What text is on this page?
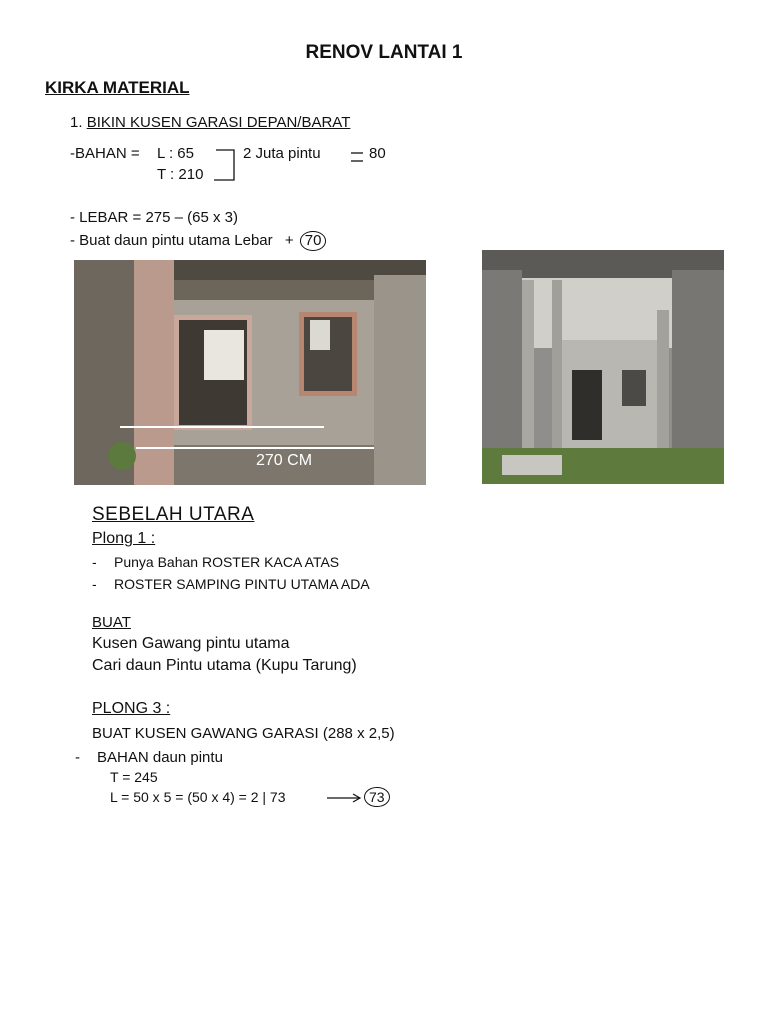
RENOV LANTAI 1
KIRKA MATERIAL
1. BIKIN KUSEN GARASI DEPAN/BARAT
-BAHAN = L : 65
T : 210
2 Juta pintu	80
- LEBAR = 275 – (65 x 3)
- Buat daun pintu utama Lebar + 70
270 CM
SEBELAH UTARA
Plong 1 :
- Punya Bahan ROSTER KACA ATAS
- ROSTER SAMPING PINTU UTAMA ADA
BUAT
Kusen Gawang pintu utama
Cari daun Pintu utama (Kupu Tarung)
PLONG 3 :
BUAT KUSEN GAWANG GARASI (288 x 2,5)
- BAHAN daun pintu
T = 245
L = 50 x 5 = (50 x 4) = 2 | 73	73
